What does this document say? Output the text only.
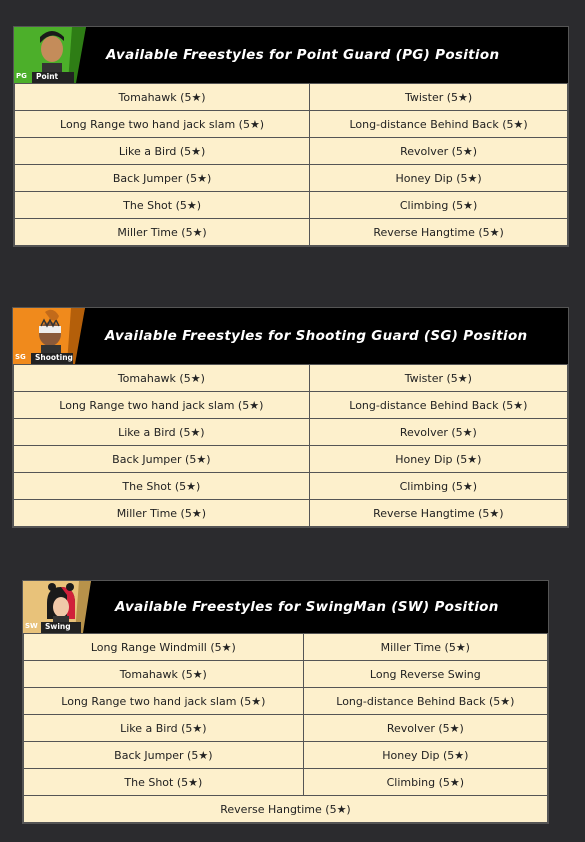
PG Point
Available Freestyles for Point Guard (PG) Position
Tomahawk (5★)	Twister (5★)
Long Range two hand jack slam (5★)	Long-distance Behind Back (5★)
Like a Bird (5★)	Revolver (5★)
Back Jumper (5★)	Honey Dip (5★)
The Shot (5★)	Climbing (5★)
Miller Time (5★)	Reverse Hangtime (5★)
SG Shooting
Available Freestyles for Shooting Guard (SG) Position
Tomahawk (5★)	Twister (5★)
Long Range two hand jack slam (5★)	Long-distance Behind Back (5★)
Like a Bird (5★)	Revolver (5★)
Back Jumper (5★)	Honey Dip (5★)
The Shot (5★)	Climbing (5★)
Miller Time (5★)	Reverse Hangtime (5★)
SW Swing
Available Freestyles for SwingMan (SW) Position
Long Range Windmill (5★)	Miller Time (5★)
Tomahawk (5★)	Long Reverse Swing
Long Range two hand jack slam (5★)	Long-distance Behind Back (5★)
Like a Bird (5★)	Revolver (5★)
Back Jumper (5★)	Honey Dip (5★)
The Shot (5★)	Climbing (5★)
Reverse Hangtime (5★)	
